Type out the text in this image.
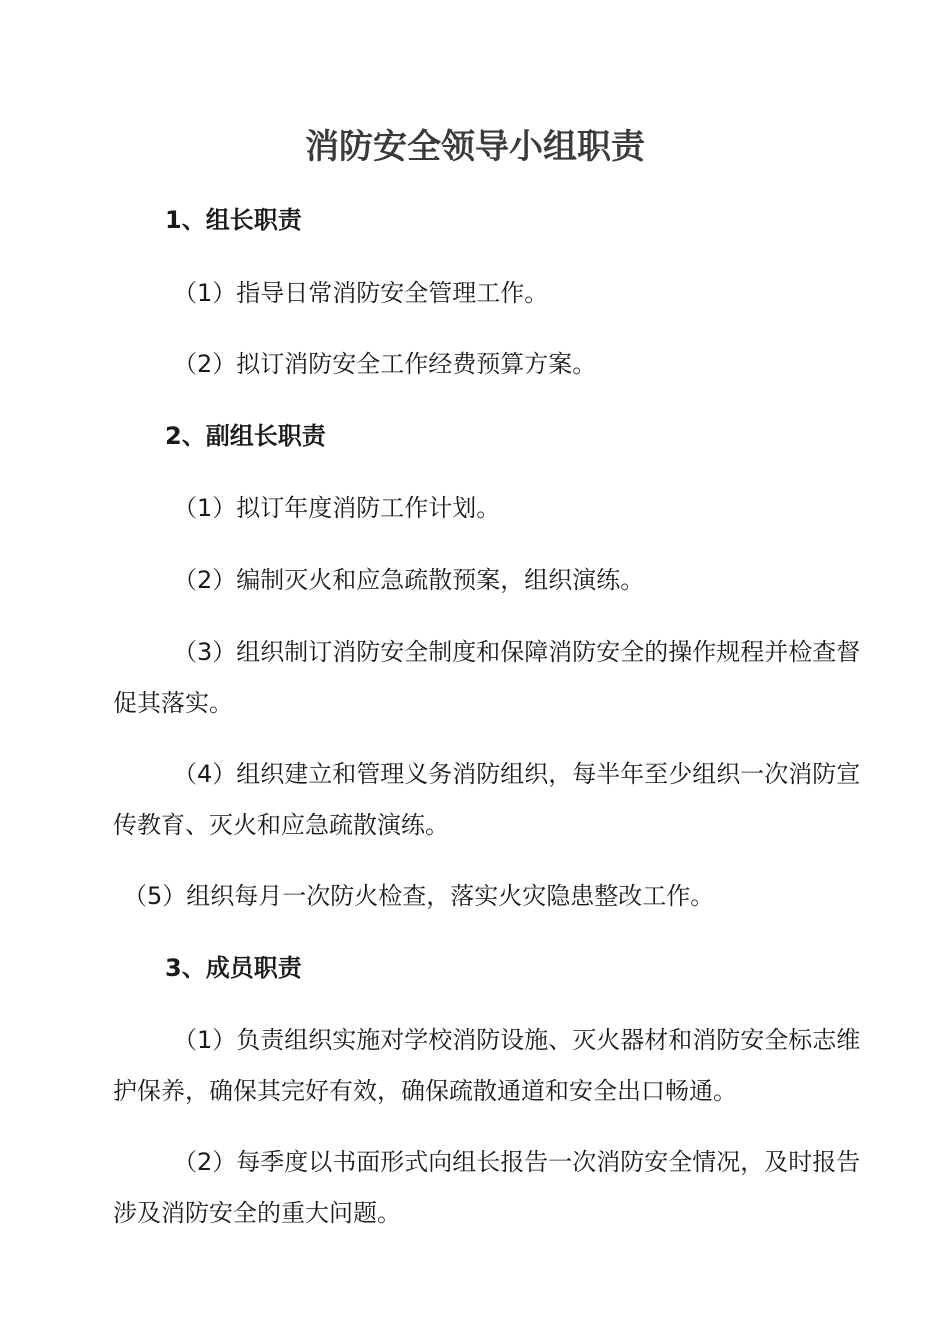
消防安全领导小组职责
1、组长职责
（1）指导日常消防安全管理工作。
（2）拟订消防安全工作经费预算方案。
2、副组长职责
（1）拟订年度消防工作计划。
（2）编制灭火和应急疏散预案，组织演练。
（3）组织制订消防安全制度和保障消防安全的操作规程并检查督促其落实。
（4）组织建立和管理义务消防组织，每半年至少组织一次消防宣传教育、灭火和应急疏散演练。
（5）组织每月一次防火检查，落实火灾隐患整改工作。
3、成员职责
（1）负责组织实施对学校消防设施、灭火器材和消防安全标志维护保养，确保其完好有效，确保疏散通道和安全出口畅通。
（2）每季度以书面形式向组长报告一次消防安全情况，及时报告涉及消防安全的重大问题。
